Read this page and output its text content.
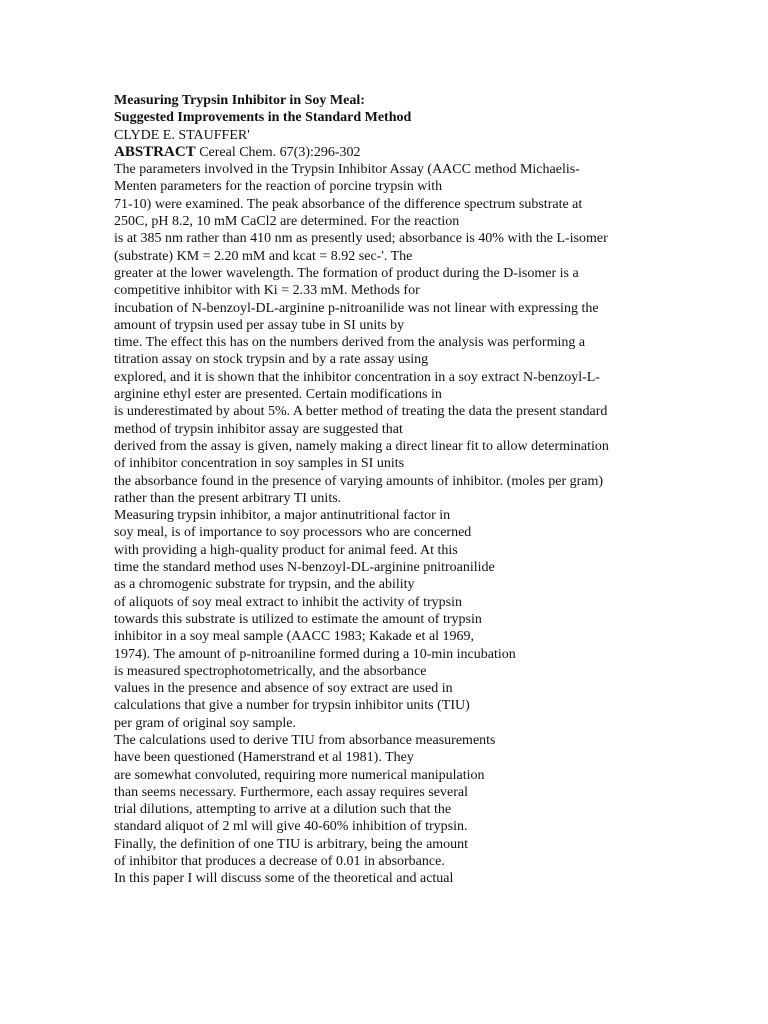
Measuring Trypsin Inhibitor in Soy Meal:
Suggested Improvements in the Standard Method
CLYDE E. STAUFFER'
ABSTRACT Cereal Chem. 67(3):296-302
The parameters involved in the Trypsin Inhibitor Assay (AACC method Michaelis-
Menten parameters for the reaction of porcine trypsin with
71-10) were examined. The peak absorbance of the difference spectrum substrate at
250C, pH 8.2, 10 mM CaCl2 are determined. For the reaction
is at 385 nm rather than 410 nm as presently used; absorbance is 40% with the L-isomer
(substrate) KM = 2.20 mM and kcat = 8.92 sec-'. The
greater at the lower wavelength. The formation of product during the D-isomer is a
competitive inhibitor with Ki = 2.33 mM. Methods for
incubation of N-benzoyl-DL-arginine p-nitroanilide was not linear with expressing the
amount of trypsin used per assay tube in SI units by
time. The effect this has on the numbers derived from the analysis was performing a
titration assay on stock trypsin and by a rate assay using
explored, and it is shown that the inhibitor concentration in a soy extract N-benzoyl-L-
arginine ethyl ester are presented. Certain modifications in
is underestimated by about 5%. A better method of treating the data the present standard
method of trypsin inhibitor assay are suggested that
derived from the assay is given, namely making a direct linear fit to allow determination
of inhibitor concentration in soy samples in SI units
the absorbance found in the presence of varying amounts of inhibitor. (moles per gram)
rather than the present arbitrary TI units.
Measuring trypsin inhibitor, a major antinutritional factor in
soy meal, is of importance to soy processors who are concerned
with providing a high-quality product for animal feed. At this
time the standard method uses N-benzoyl-DL-arginine pnitroanilide
as a chromogenic substrate for trypsin, and the ability
of aliquots of soy meal extract to inhibit the activity of trypsin
towards this substrate is utilized to estimate the amount of trypsin
inhibitor in a soy meal sample (AACC 1983; Kakade et al 1969,
1974). The amount of p-nitroaniline formed during a 10-min incubation
is measured spectrophotometrically, and the absorbance
values in the presence and absence of soy extract are used in
calculations that give a number for trypsin inhibitor units (TIU)
per gram of original soy sample.
The calculations used to derive TIU from absorbance measurements
have been questioned (Hamerstrand et al 1981). They
are somewhat convoluted, requiring more numerical manipulation
than seems necessary. Furthermore, each assay requires several
trial dilutions, attempting to arrive at a dilution such that the
standard aliquot of 2 ml will give 40-60% inhibition of trypsin.
Finally, the definition of one TIU is arbitrary, being the amount
of inhibitor that produces a decrease of 0.01 in absorbance.
In this paper I will discuss some of the theoretical and actual
